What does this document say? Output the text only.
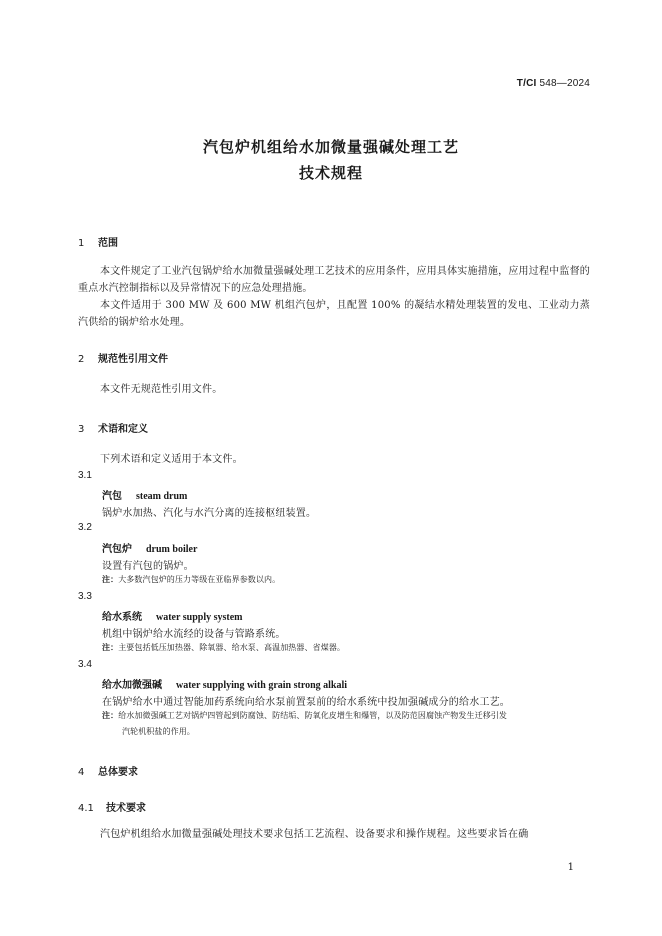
T/CI 548—2024
汽包炉机组给水加微量强碱处理工艺
技术规程
1 范围
本文件规定了工业汽包锅炉给水加微量强碱处理工艺技术的应用条件，应用具体实施措施，应用过程中监督的重点水汽控制指标以及异常情况下的应急处理措施。
本文件适用于 300 MW 及 600 MW 机组汽包炉，且配置 100% 的凝结水精处理装置的发电、工业动力蒸汽供给的锅炉给水处理。
2 规范性引用文件
本文件无规范性引用文件。
3 术语和定义
下列术语和定义适用于本文件。
3.1
汽包 steam drum
锅炉水加热、汽化与水汽分离的连接枢纽装置。
3.2
汽包炉 drum boiler
设置有汽包的锅炉。
注：大多数汽包炉的压力等级在亚临界参数以内。
3.3
给水系统 water supply system
机组中锅炉给水流经的设备与管路系统。
注：主要包括低压加热器、除氧器、给水泵、高温加热器、省煤器。
3.4
给水加微强碱 water supplying with grain strong alkali
在锅炉给水中通过智能加药系统向给水泵前置泵前的给水系统中投加强碱成分的给水工艺。
注：给水加微强碱工艺对锅炉四管起到防腐蚀、防结垢、防氧化皮增生和爆管，以及防范因腐蚀产物发生迁移引发
汽轮机积盐的作用。
4 总体要求
4.1 技术要求
汽包炉机组给水加微量强碱处理技术要求包括工艺流程、设备要求和操作规程。这些要求旨在确
1
